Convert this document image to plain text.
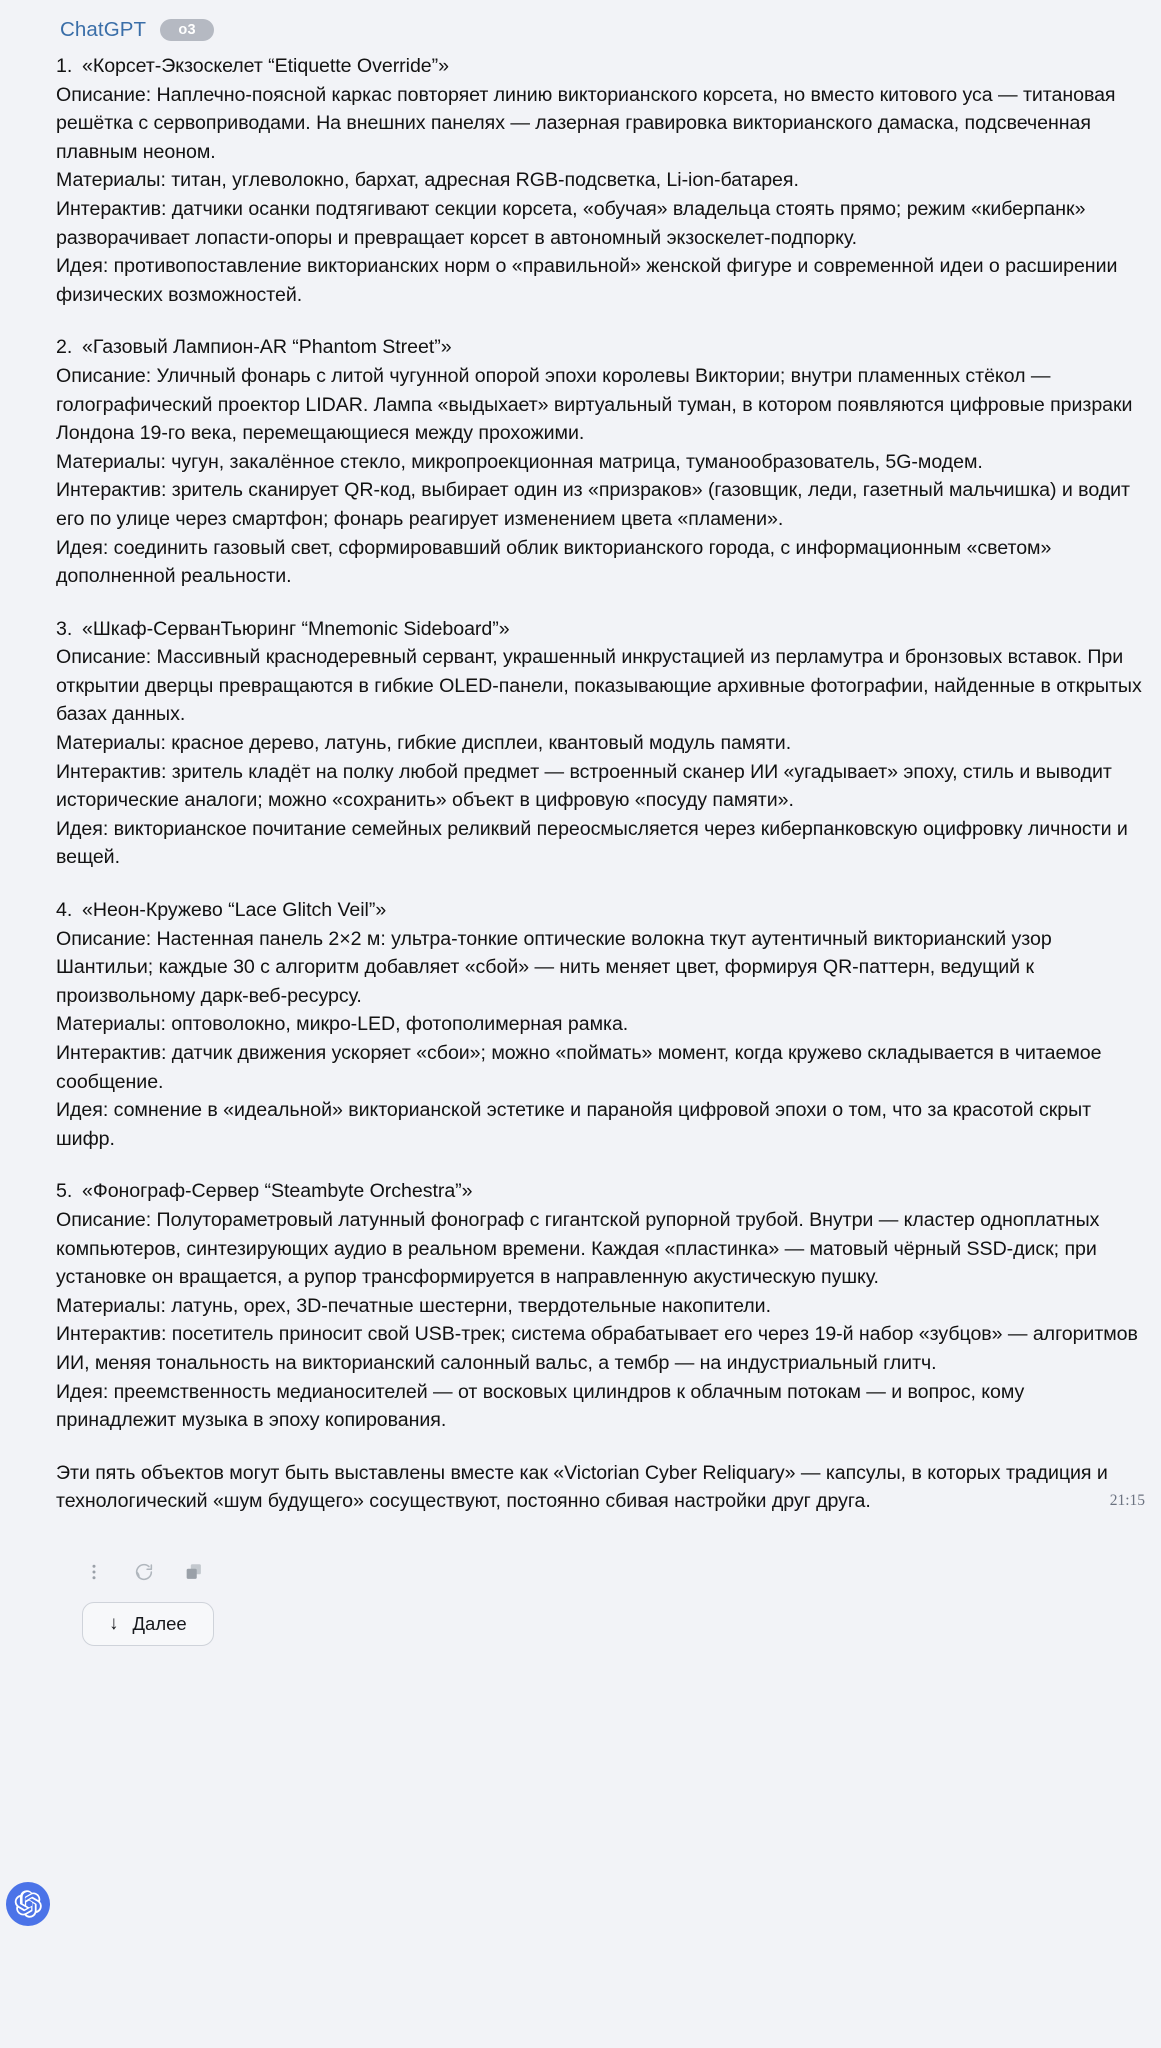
ChatGPT	o3
1. «Корсет-Экзоскелет “Etiquette Override”»
Описание: Наплечно-поясной каркас повторяет линию викторианского корсета, но вместо китового уса — титановая решётка с сервоприводами. На внешних панелях — лазерная гравировка викторианского дамаска, подсвеченная плавным неоном.
Материалы: титан, углеволокно, бархат, адресная RGB-подсветка, Li-ion-батарея.
Интерактив: датчики осанки подтягивают секции корсета, «обучая» владельца стоять прямо; режим «киберпанк» разворачивает лопасти-опоры и превращает корсет в автономный экзоскелет-подпорку.
Идея: противопоставление викторианских норм о «правильной» женской фигуре и современной идеи о расширении физических возможностей.
2. «Газовый Лампион-AR “Phantom Street”»
Описание: Уличный фонарь с литой чугунной опорой эпохи королевы Виктории; внутри пламенных стёкол — голографический проектор LIDAR. Лампа «выдыхает» виртуальный туман, в котором появляются цифровые призраки Лондона 19-го века, перемещающиеся между прохожими.
Материалы: чугун, закалённое стекло, микропроекционная матрица, туманообразователь, 5G-модем.
Интерактив: зритель сканирует QR-код, выбирает один из «призраков» (газовщик, леди, газетный мальчишка) и водит его по улице через смартфон; фонарь реагирует изменением цвета «пламени».
Идея: соединить газовый свет, сформировавший облик викторианского города, с информационным «светом» дополненной реальности.
3. «Шкаф-СерванТьюринг “Mnemonic Sideboard”»
Описание: Массивный краснодеревный сервант, украшенный инкрустацией из перламутра и бронзовых вставок. При открытии дверцы превращаются в гибкие OLED-панели, показывающие архивные фотографии, найденные в открытых базах данных.
Материалы: красное дерево, латунь, гибкие дисплеи, квантовый модуль памяти.
Интерактив: зритель кладёт на полку любой предмет — встроенный сканер ИИ «угадывает» эпоху, стиль и выводит исторические аналоги; можно «сохранить» объект в цифровую «посуду памяти».
Идея: викторианское почитание семейных реликвий переосмысляется через киберпанковскую оцифровку личности и вещей.
4. «Неон-Кружево “Lace Glitch Veil”»
Описание: Настенная панель 2×2 м: ультра-тонкие оптические волокна ткут аутентичный викторианский узор Шантильи; каждые 30 с алгоритм добавляет «сбой» — нить меняет цвет, формируя QR-паттерн, ведущий к произвольному дарк-веб-ресурсу.
Материалы: оптоволокно, микро-LED, фотополимерная рамка.
Интерактив: датчик движения ускоряет «сбои»; можно «поймать» момент, когда кружево складывается в читаемое сообщение.
Идея: сомнение в «идеальной» викторианской эстетике и паранойя цифровой эпохи о том, что за красотой скрыт шифр.
5. «Фонограф-Сервер “Steambyte Orchestra”»
Описание: Полутораметровый латунный фонограф с гигантской рупорной трубой. Внутри — кластер одноплатных компьютеров, синтезирующих аудио в реальном времени. Каждая «пластинка» — матовый чёрный SSD-диск; при установке он вращается, а рупор трансформируется в направленную акустическую пушку.
Материалы: латунь, орех, 3D-печатные шестерни, твердотельные накопители.
Интерактив: посетитель приносит свой USB-трек; система обрабатывает его через 19-й набор «зубцов» — алгоритмов ИИ, меняя тональность на викторианский салонный вальс, а тембр — на индустриальный глитч.
Идея: преемственность медианосителей — от восковых цилиндров к облачным потокам — и вопрос, кому принадлежит музыка в эпоху копирования.
Эти пять объектов могут быть выставлены вместе как «Victorian Cyber Reliquary» — капсулы, в которых традиция и технологический «шум будущего» сосуществуют, постоянно сбивая настройки друг друга.	21:15
↓ Далее
